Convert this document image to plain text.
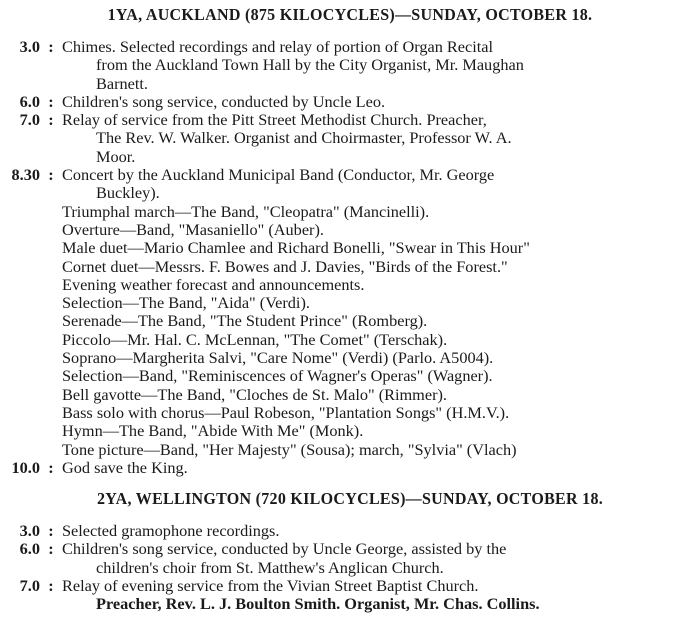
1YA, AUCKLAND (875 KILOCYCLES)—SUNDAY, OCTOBER 18.
3.0 : Chimes. Selected recordings and relay of portion of Organ Recital
from the Auckland Town Hall by the City Organist, Mr. Maughan
Barnett.
6.0 : Children's song service, conducted by Uncle Leo.
7.0 : Relay of service from the Pitt Street Methodist Church. Preacher,
The Rev. W. Walker. Organist and Choirmaster, Professor W. A.
Moor.
8.30 : Concert by the Auckland Municipal Band (Conductor, Mr. George
Buckley).
Triumphal march—The Band, "Cleopatra" (Mancinelli).
Overture—Band, "Masaniello" (Auber).
Male duet—Mario Chamlee and Richard Bonelli, "Swear in This Hour"
Cornet duet—Messrs. F. Bowes and J. Davies, "Birds of the Forest."
Evening weather forecast and announcements.
Selection—The Band, "Aida" (Verdi).
Serenade—The Band, "The Student Prince" (Romberg).
Piccolo—Mr. Hal. C. McLennan, "The Comet" (Terschak).
Soprano—Margherita Salvi, "Care Nome" (Verdi) (Parlo. A5004).
Selection—Band, "Reminiscences of Wagner's Operas" (Wagner).
Bell gavotte—The Band, "Cloches de St. Malo" (Rimmer).
Bass solo with chorus—Paul Robeson, "Plantation Songs" (H.M.V.).
Hymn—The Band, "Abide With Me" (Monk).
Tone picture—Band, "Her Majesty" (Sousa); march, "Sylvia" (Vlach)
10.0 : God save the King.
2YA, WELLINGTON (720 KILOCYCLES)—SUNDAY, OCTOBER 18.
3.0 : Selected gramophone recordings.
6.0 : Children's song service, conducted by Uncle George, assisted by the
children's choir from St. Matthew's Anglican Church.
7.0 : Relay of evening service from the Vivian Street Baptist Church.
Preacher, Rev. L. J. Boulton Smith. Organist, Mr. Chas. Collins.
